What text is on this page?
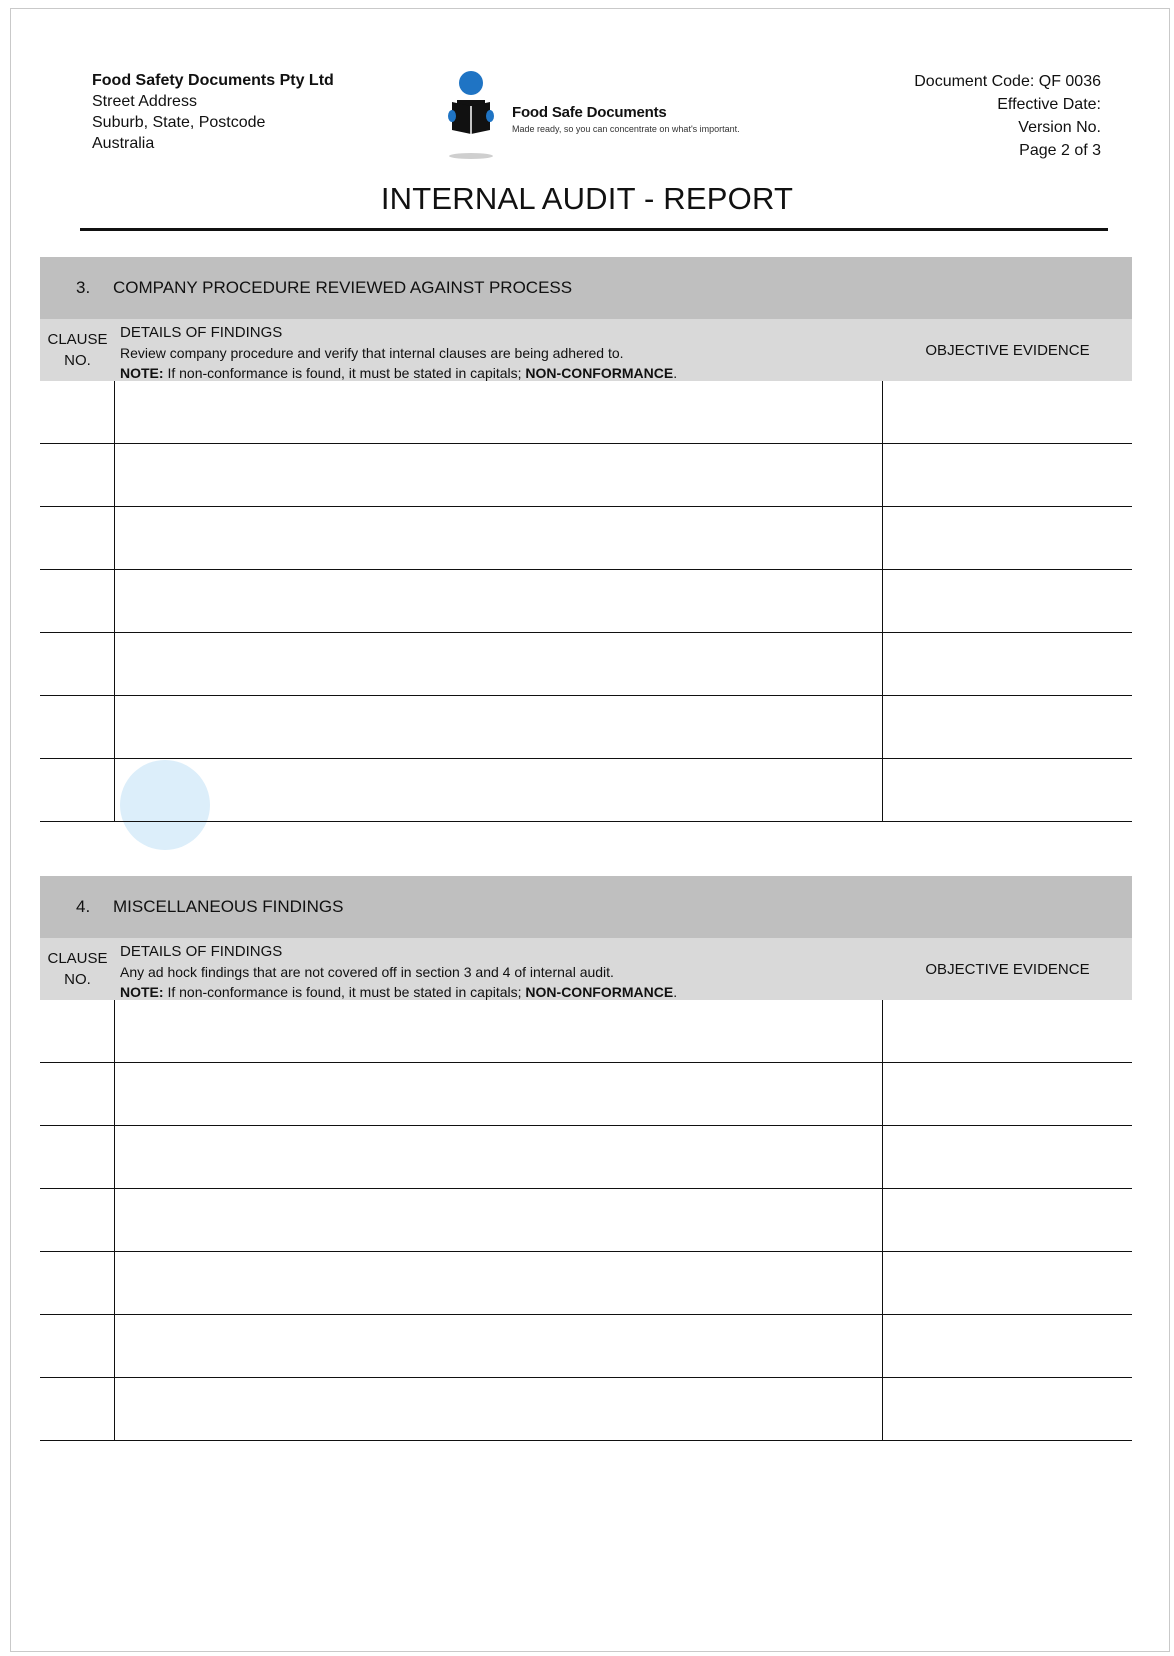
Food Safety Documents Pty Ltd
Street Address
Suburb, State, Postcode
Australia
Food Safe Documents
Made ready, so you can concentrate on what's important.
Document Code: QF 0036
Effective Date:
Version No.
Page 2 of 3
INTERNAL AUDIT - REPORT
3.	COMPANY PROCEDURE REVIEWED AGAINST PROCESS
CLAUSE
NO.
DETAILS OF FINDINGS
Review company procedure and verify that internal clauses are being adhered to.
NOTE: If non-conformance is found, it must be stated in capitals; NON-CONFORMANCE.
OBJECTIVE EVIDENCE
4.	MISCELLANEOUS FINDINGS
CLAUSE
NO.
DETAILS OF FINDINGS
Any ad hock findings that are not covered off in section 3 and 4 of internal audit.
NOTE: If non-conformance is found, it must be stated in capitals; NON-CONFORMANCE.
OBJECTIVE EVIDENCE
